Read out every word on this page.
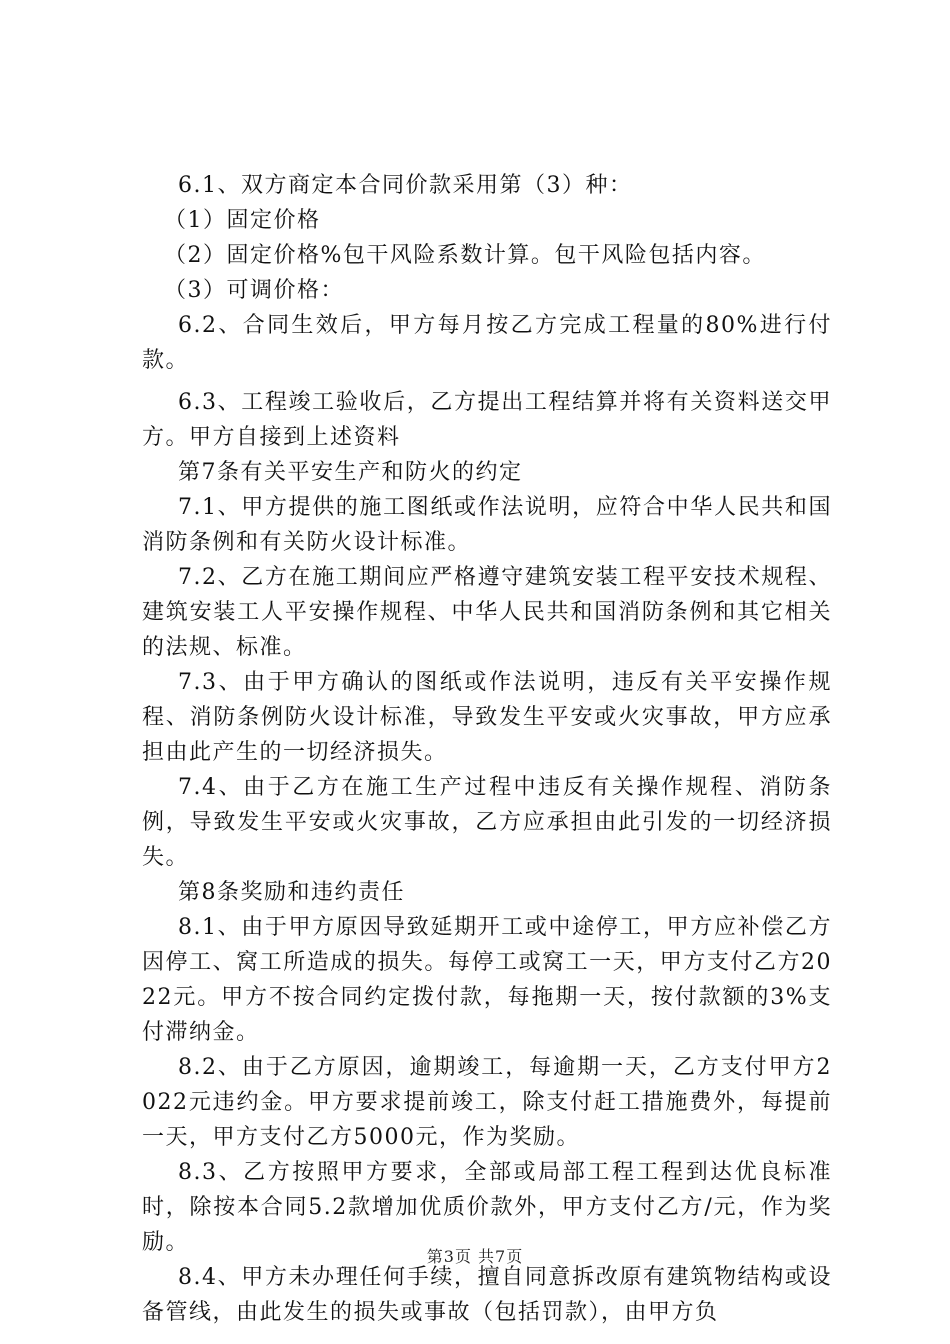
6.1、双方商定本合同价款采用第（3）种：

（1）固定价格

（2）固定价格%包干风险系数计算。包干风险包括内容。

（3）可调价格：

6.2、合同生效后，甲方每月按乙方完成工程量的80%进行付款。

6.3、工程竣工验收后，乙方提出工程结算并将有关资料送交甲方。甲方自接到上述资料

第7条有关平安生产和防火的约定

7.1、甲方提供的施工图纸或作法说明，应符合中华人民共和国消防条例和有关防火设计标准。

7.2、乙方在施工期间应严格遵守建筑安装工程平安技术规程、建筑安装工人平安操作规程、中华人民共和国消防条例和其它相关的法规、标准。

7.3、由于甲方确认的图纸或作法说明，违反有关平安操作规程、消防条例防火设计标准，导致发生平安或火灾事故，甲方应承担由此产生的一切经济损失。

7.4、由于乙方在施工生产过程中违反有关操作规程、消防条例，导致发生平安或火灾事故，乙方应承担由此引发的一切经济损失。

第8条奖励和违约责任

8.1、由于甲方原因导致延期开工或中途停工，甲方应补偿乙方因停工、窝工所造成的损失。每停工或窝工一天，甲方支付乙方2022元。甲方不按合同约定拨付款，每拖期一天，按付款额的3%支付滞纳金。

8.2、由于乙方原因，逾期竣工，每逾期一天，乙方支付甲方2022元违约金。甲方要求提前竣工，除支付赶工措施费外，每提前一天，甲方支付乙方5000元，作为奖励。

8.3、乙方按照甲方要求，全部或局部工程工程到达优良标准时，除按本合同5.2款增加优质价款外，甲方支付乙方/元，作为奖励。

8.4、甲方未办理任何手续，擅自同意拆改原有建筑物结构或设备管线，由此发生的损失或事故（包括罚款），由甲方负

第3页 共7页
